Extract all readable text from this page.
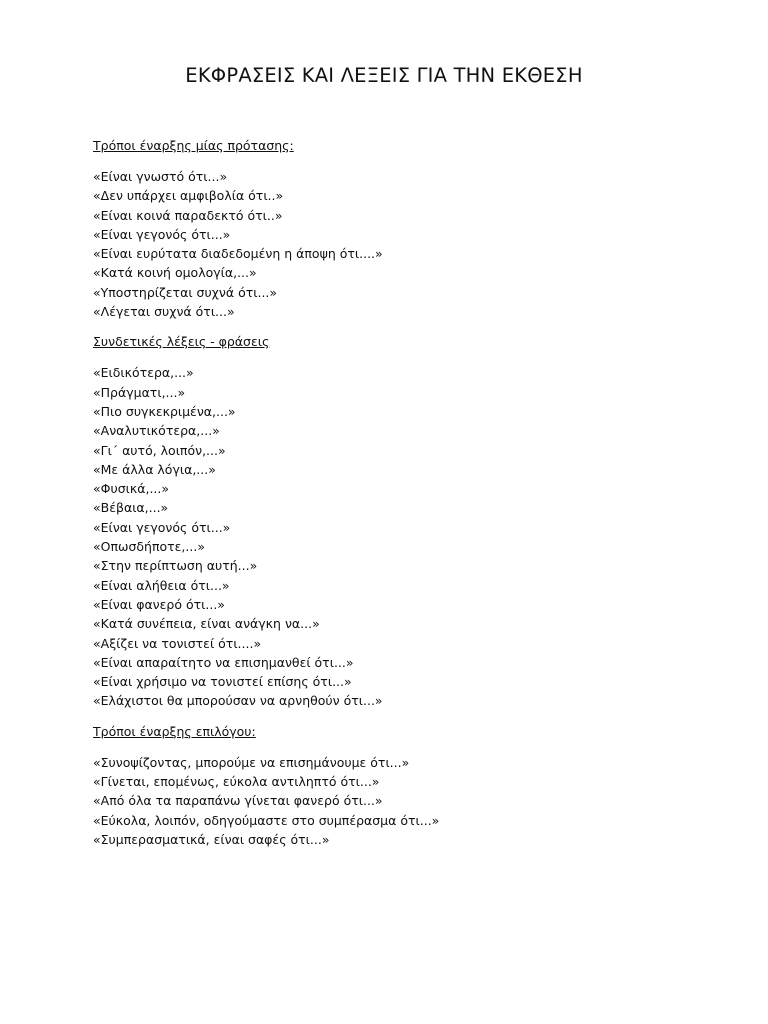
ΕΚΦΡΑΣΕΙΣ ΚΑΙ ΛΕΞΕΙΣ ΓΙΑ ΤΗΝ ΕΚΘΕΣΗ
Τρόποι έναρξης μίας πρότασης:
«Είναι γνωστό ότι...»
«Δεν υπάρχει αμφιβολία ότι..»
«Είναι κοινά παραδεκτό ότι..»
«Είναι γεγονός ότι...»
«Είναι ευρύτατα διαδεδομένη η άποψη ότι....»
«Κατά κοινή ομολογία,...»
«Υποστηρίζεται συχνά ότι...»
«Λέγεται συχνά ότι...»
Συνδετικές λέξεις - φράσεις
«Ειδικότερα,...»
«Πράγματι,...»
«Πιο συγκεκριμένα,...»
«Αναλυτικότερα,...»
«Γι΄ αυτό, λοιπόν,...»
«Με άλλα λόγια,...»
«Φυσικά,...»
«Βέβαια,...»
«Είναι γεγονός ότι...»
«Οπωσδήποτε,...»
«Στην περίπτωση αυτή...»
«Είναι αλήθεια ότι...»
«Είναι φανερό ότι...»
«Κατά συνέπεια, είναι ανάγκη να...»
«Αξίζει να τονιστεί ότι....»
«Είναι απαραίτητο να επισημανθεί ότι...»
«Είναι χρήσιμο να τονιστεί επίσης ότι...»
«Ελάχιστοι θα μπορούσαν να αρνηθούν ότι...»
Τρόποι έναρξης επιλόγου:
«Συνοψίζοντας, μπορούμε να επισημάνουμε ότι...»
«Γίνεται, επομένως, εύκολα αντιληπτό ότι...»
«Από όλα τα παραπάνω γίνεται φανερό ότι...»
«Εύκολα, λοιπόν, οδηγούμαστε στο συμπέρασμα ότι...»
«Συμπερασματικά, είναι σαφές ότι...»
